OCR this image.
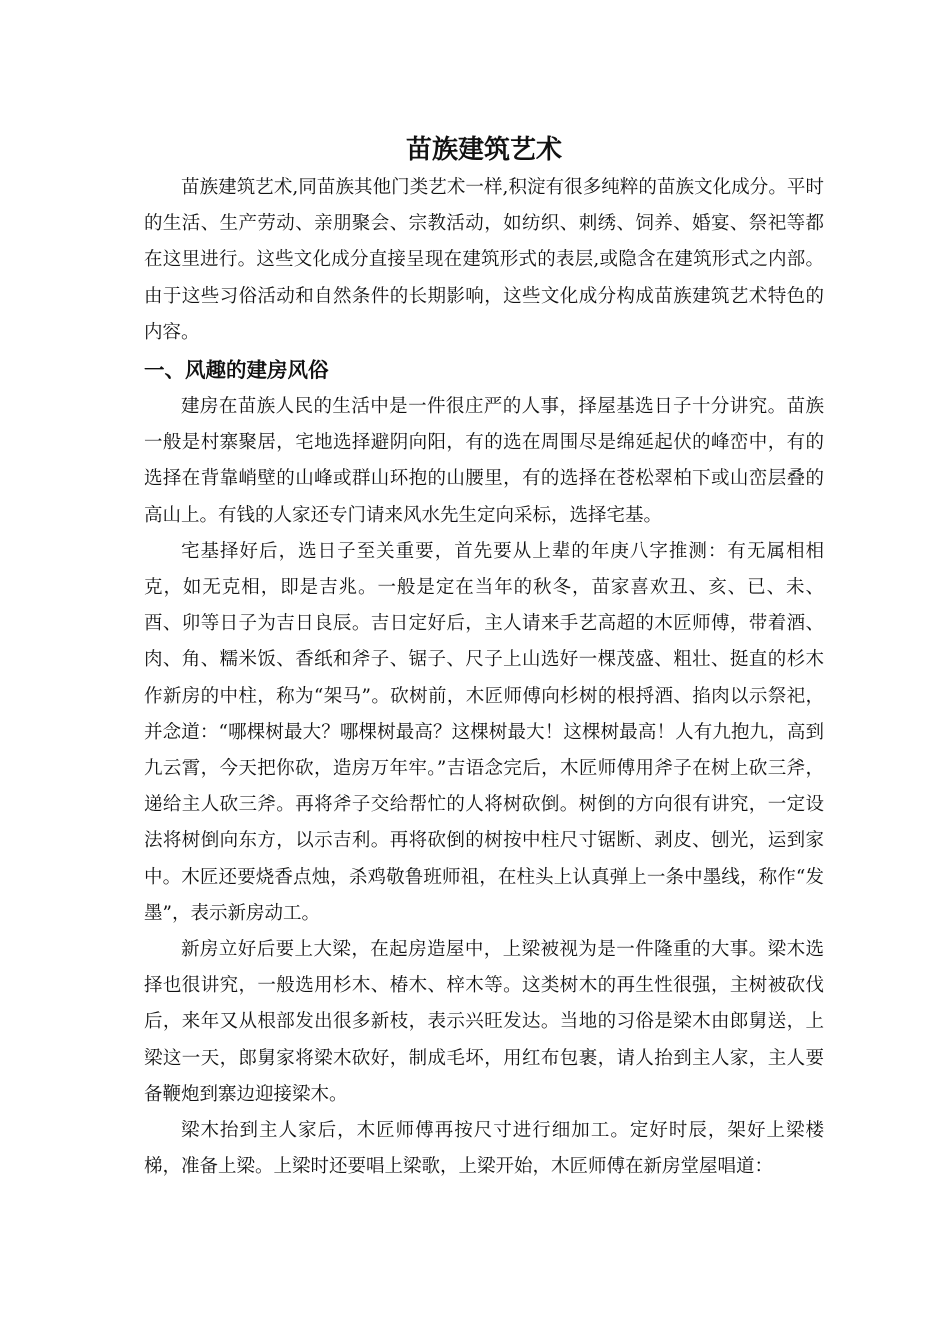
苗族建筑艺术

苗族建筑艺术,同苗族其他门类艺术一样,积淀有很多纯粹的苗族文化成分。平时的生活、生产劳动、亲朋聚会、宗教活动，如纺织、刺绣、饲养、婚宴、祭祀等都在这里进行。这些文化成分直接呈现在建筑形式的表层,或隐含在建筑形式之内部。由于这些习俗活动和自然条件的长期影响，这些文化成分构成苗族建筑艺术特色的内容。

一、风趣的建房风俗

建房在苗族人民的生活中是一件很庄严的人事，择屋基选日子十分讲究。苗族一般是村寨聚居，宅地选择避阴向阳，有的选在周围尽是绵延起伏的峰峦中，有的选择在背靠峭壁的山峰或群山环抱的山腰里，有的选择在苍松翠柏下或山峦层叠的高山上。有钱的人家还专门请来风水先生定向采标，选择宅基。

宅基择好后，选日子至关重要，首先要从上辈的年庚八字推测：有无属相相克，如无克相，即是吉兆。一般是定在当年的秋冬，苗家喜欢丑、亥、已、未、酉、卯等日子为吉日良辰。吉日定好后，主人请来手艺高超的木匠师傅，带着酒、肉、角、糯米饭、香纸和斧子、锯子、尺子上山选好一棵茂盛、粗壮、挺直的杉木作新房的中柱，称为“架马”。砍树前，木匠师傅向杉树的根捋酒、掐肉以示祭祀，并念道：“哪棵树最大？哪棵树最高？这棵树最大！这棵树最高！人有九抱九，高到九云霄，今天把你砍，造房万年牢。”吉语念完后，木匠师傅用斧子在树上砍三斧，递给主人砍三斧。再将斧子交给帮忙的人将树砍倒。树倒的方向很有讲究，一定设法将树倒向东方，以示吉利。再将砍倒的树按中柱尺寸锯断、剥皮、刨光，运到家中。木匠还要烧香点烛，杀鸡敬鲁班师祖，在柱头上认真弹上一条中墨线，称作“发墨”，表示新房动工。

新房立好后要上大梁，在起房造屋中，上梁被视为是一件隆重的大事。梁木选择也很讲究，一般选用杉木、椿木、梓木等。这类树木的再生性很强，主树被砍伐后，来年又从根部发出很多新枝，表示兴旺发达。当地的习俗是梁木由郎舅送，上梁这一天，郎舅家将梁木砍好，制成毛坏，用红布包裹，请人抬到主人家，主人要备鞭炮到寨边迎接梁木。

梁木抬到主人家后，木匠师傅再按尺寸进行细加工。定好时辰，架好上梁楼梯，准备上梁。上梁时还要唱上梁歌，上梁开始，木匠师傅在新房堂屋唱道：
